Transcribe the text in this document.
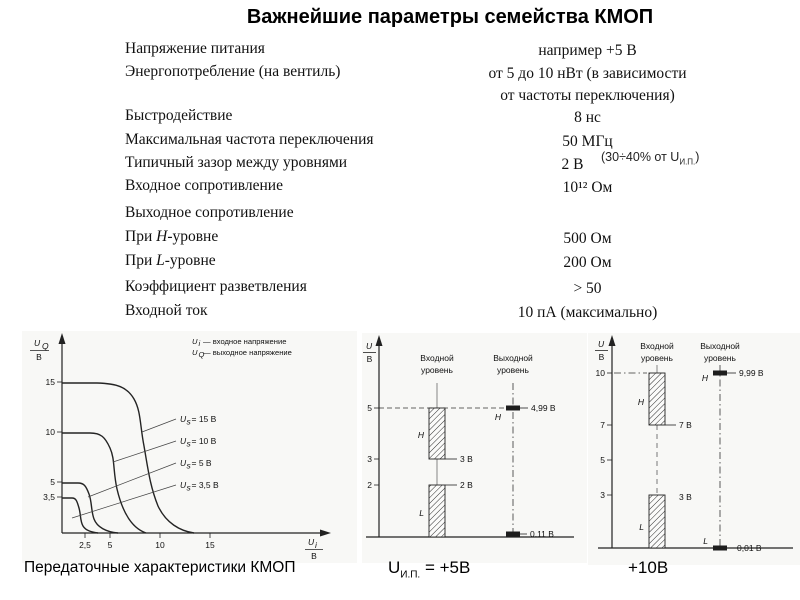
Важнейшие параметры семейства КМОП
Напряжение питания	например +5 В
Энергопотребление (на вентиль)	от 5 до 10 нВт (в зависимости
от частоты переключения)
Быстродействие	8 нс
Максимальная частота переключения	50 МГц
Типичный зазор между уровнями	2 В
Входное сопротивление	10¹² Ом
Выходное сопротивление
При H-уровне	500 Ом
При L-уровне	200 Ом
Коэффициент разветвления	> 50
Входной ток	10 пА (максимально)
(30÷40% от $U_{И.П.}$)
15
10
5
3,5
2,5 5	10	15
U Q
В
U i
В
U i — входное напряжение
U Q
— выходное напряжение
U s = 15 В
U s = 10 В
U s = 5 В
U s = 3,5 В
5
3
2
U
В	Входной
уровень
Выходной
уровень
H
L
3 В
2 В
H
4,99 В
0.11 В
10
7
5
3
U
В
Входной
уровень
Выходной
уровень
H
L
7 В
3 В
H	9,99 В
L
0,01 В
Передаточные характеристики КМОП	$U_{И.П.} = +5В$	+10В
